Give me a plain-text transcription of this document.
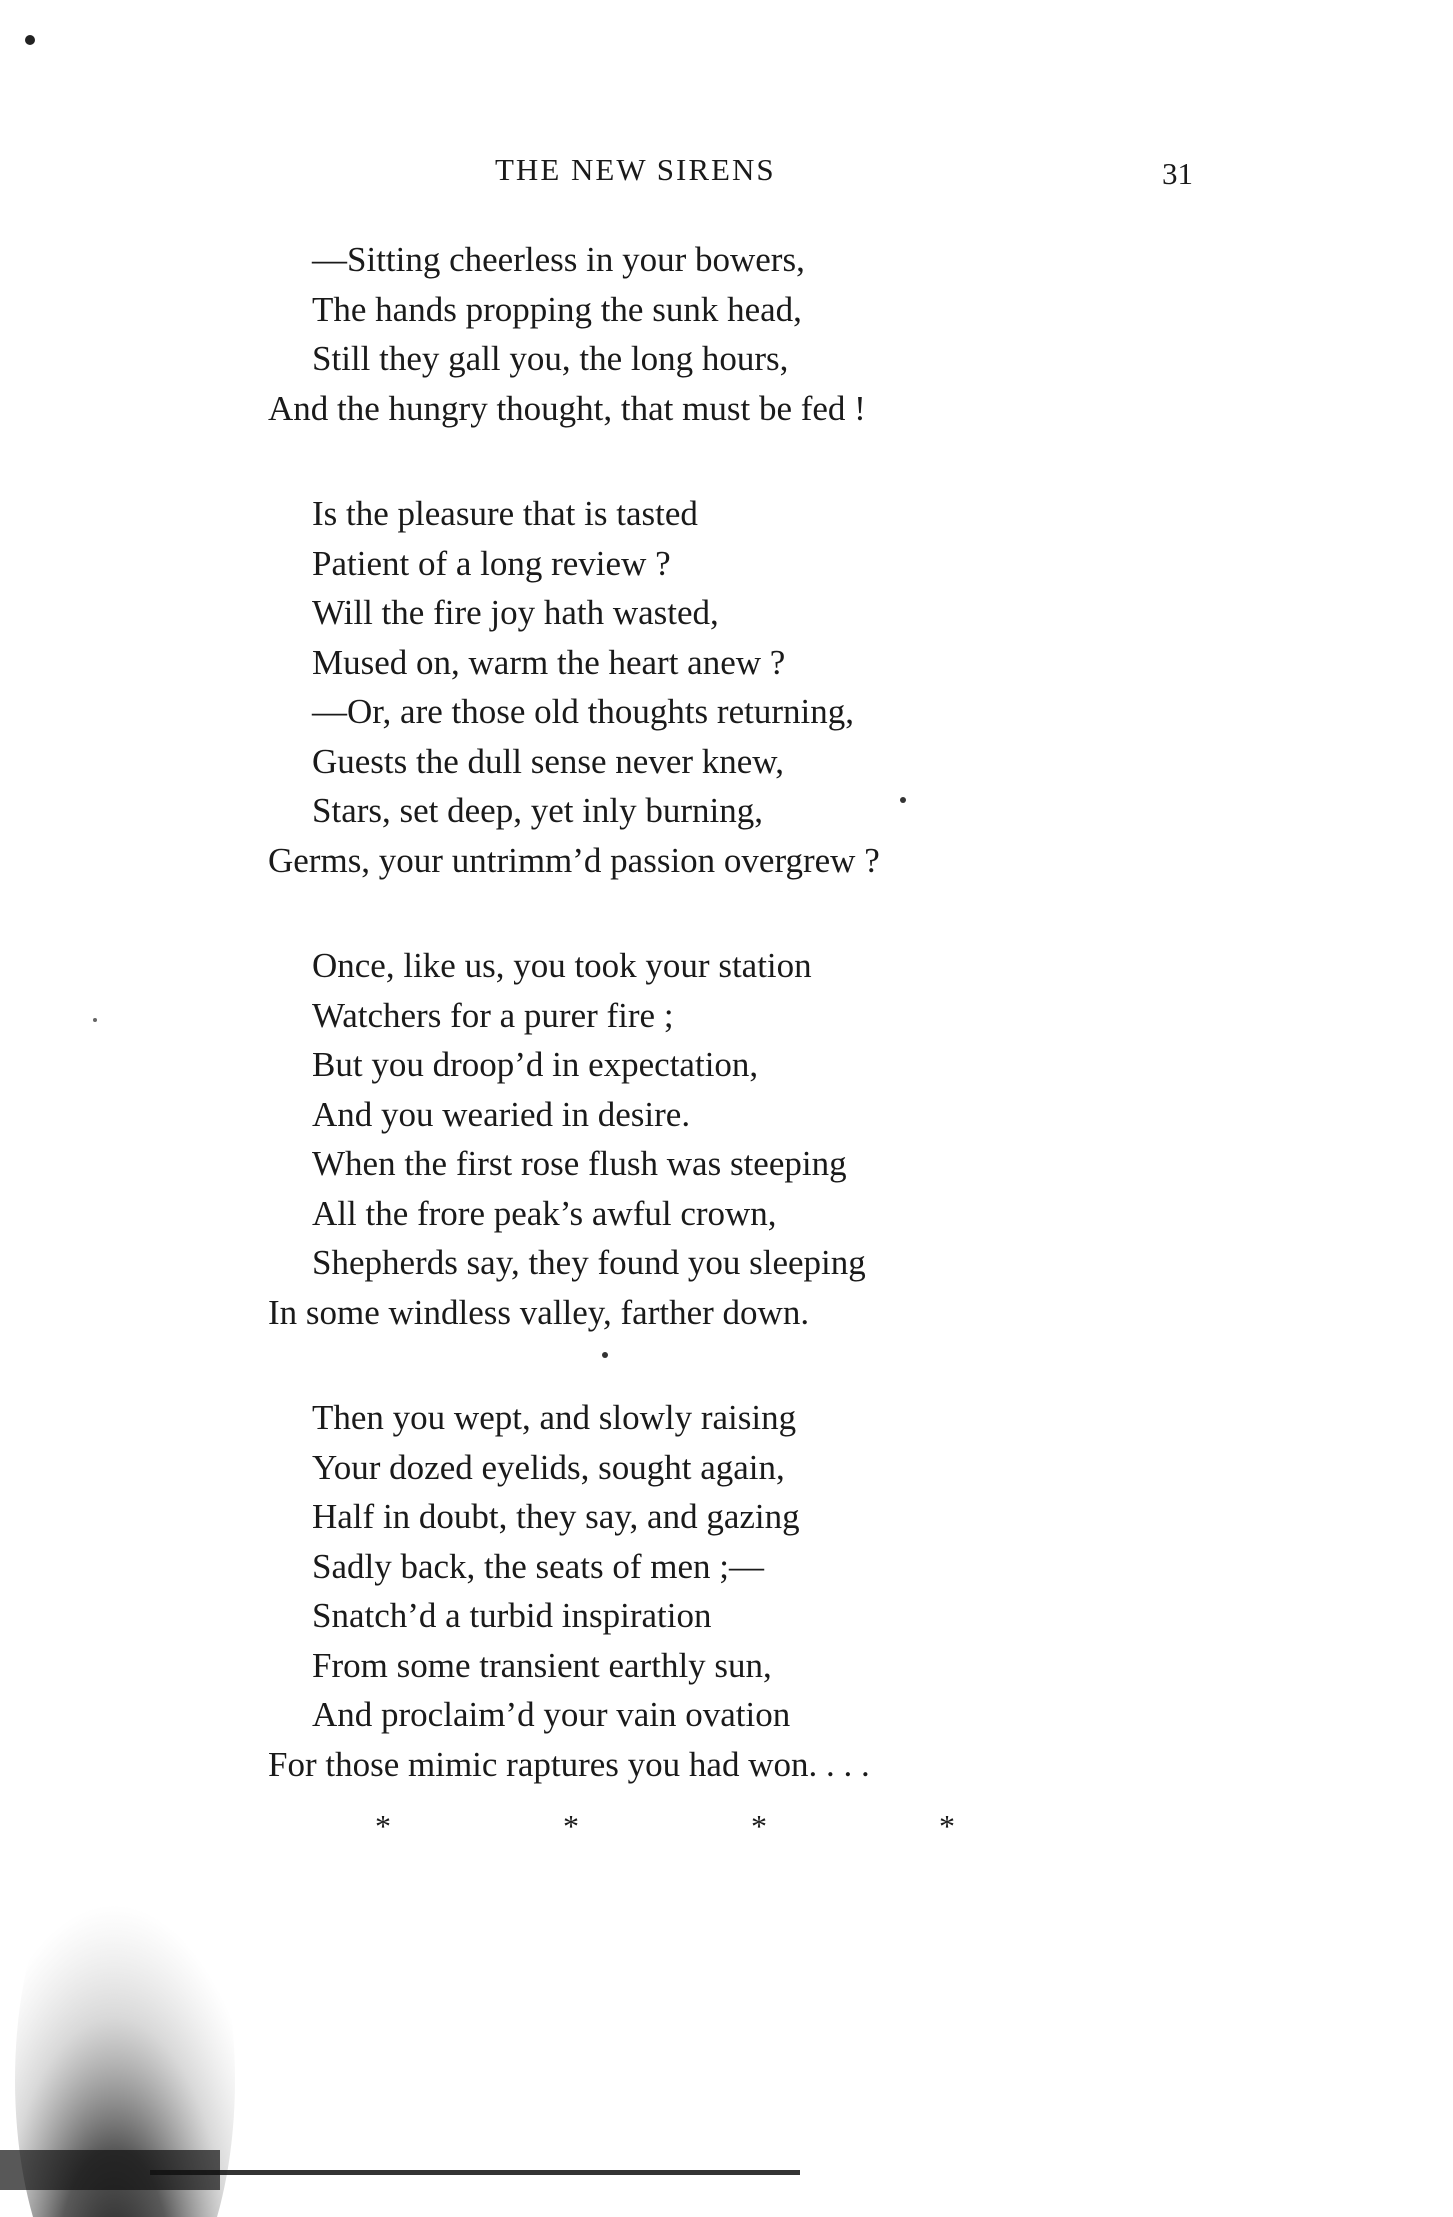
THE NEW SIRENS	31
—Sitting cheerless in your bowers,
The hands propping the sunk head,
Still they gall you, the long hours,
And the hungry thought, that must be fed !
Is the pleasure that is tasted
Patient of a long review ?
Will the fire joy hath wasted,
Mused on, warm the heart anew ?
—Or, are those old thoughts returning,
Guests the dull sense never knew,
Stars, set deep, yet inly burning,
Germs, your untrimm’d passion overgrew ?
Once, like us, you took your station
Watchers for a purer fire ;
But you droop’d in expectation,
And you wearied in desire.
When the first rose flush was steeping
All the frore peak’s awful crown,
Shepherds say, they found you sleeping
In some windless valley, farther down.
Then you wept, and slowly raising
Your dozed eyelids, sought again,
Half in doubt, they say, and gazing
Sadly back, the seats of men ;—
Snatch’d a turbid inspiration
From some transient earthly sun,
And proclaim’d your vain ovation
For those mimic raptures you had won. . . .
*	*	*	*
